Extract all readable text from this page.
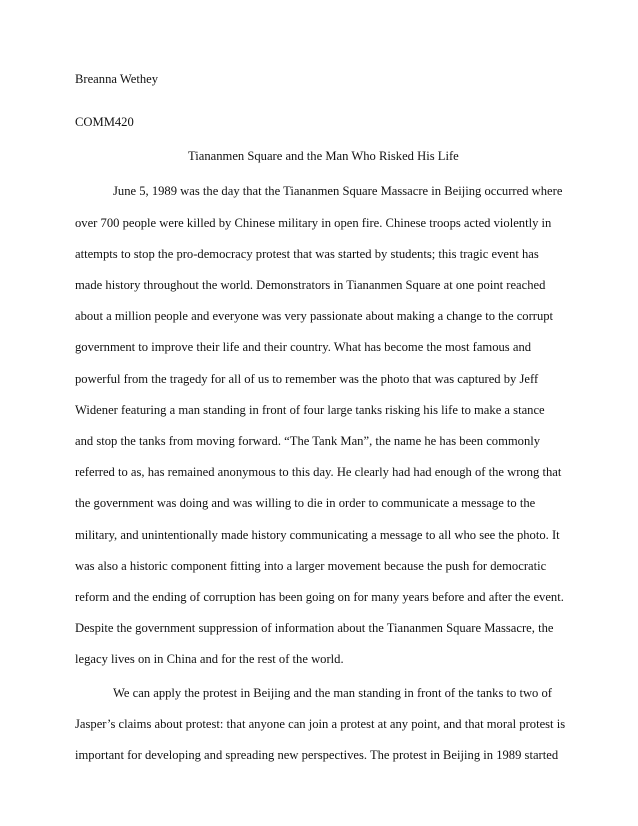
Breanna Wethey

COMM420

Tiananmen Square and the Man Who Risked His Life

June 5, 1989 was the day that the Tiananmen Square Massacre in Beijing occurred where

over 700 people were killed by Chinese military in open fire. Chinese troops acted violently in

attempts to stop the pro-democracy protest that was started by students; this tragic event has

made history throughout the world. Demonstrators in Tiananmen Square at one point reached

about a million people and everyone was very passionate about making a change to the corrupt

government to improve their life and their country. What has become the most famous and

powerful from the tragedy for all of us to remember was the photo that was captured by Jeff

Widener featuring a man standing in front of four large tanks risking his life to make a stance

and stop the tanks from moving forward. “The Tank Man”, the name he has been commonly

referred to as, has remained anonymous to this day. He clearly had had enough of the wrong that

the government was doing and was willing to die in order to communicate a message to the

military, and unintentionally made history communicating a message to all who see the photo. It

was also a historic component fitting into a larger movement because the push for democratic

reform and the ending of corruption has been going on for many years before and after the event.

Despite the government suppression of information about the Tiananmen Square Massacre, the

legacy lives on in China and for the rest of the world.

We can apply the protest in Beijing and the man standing in front of the tanks to two of

Jasper’s claims about protest: that anyone can join a protest at any point, and that moral protest is

important for developing and spreading new perspectives. The protest in Beijing in 1989 started
